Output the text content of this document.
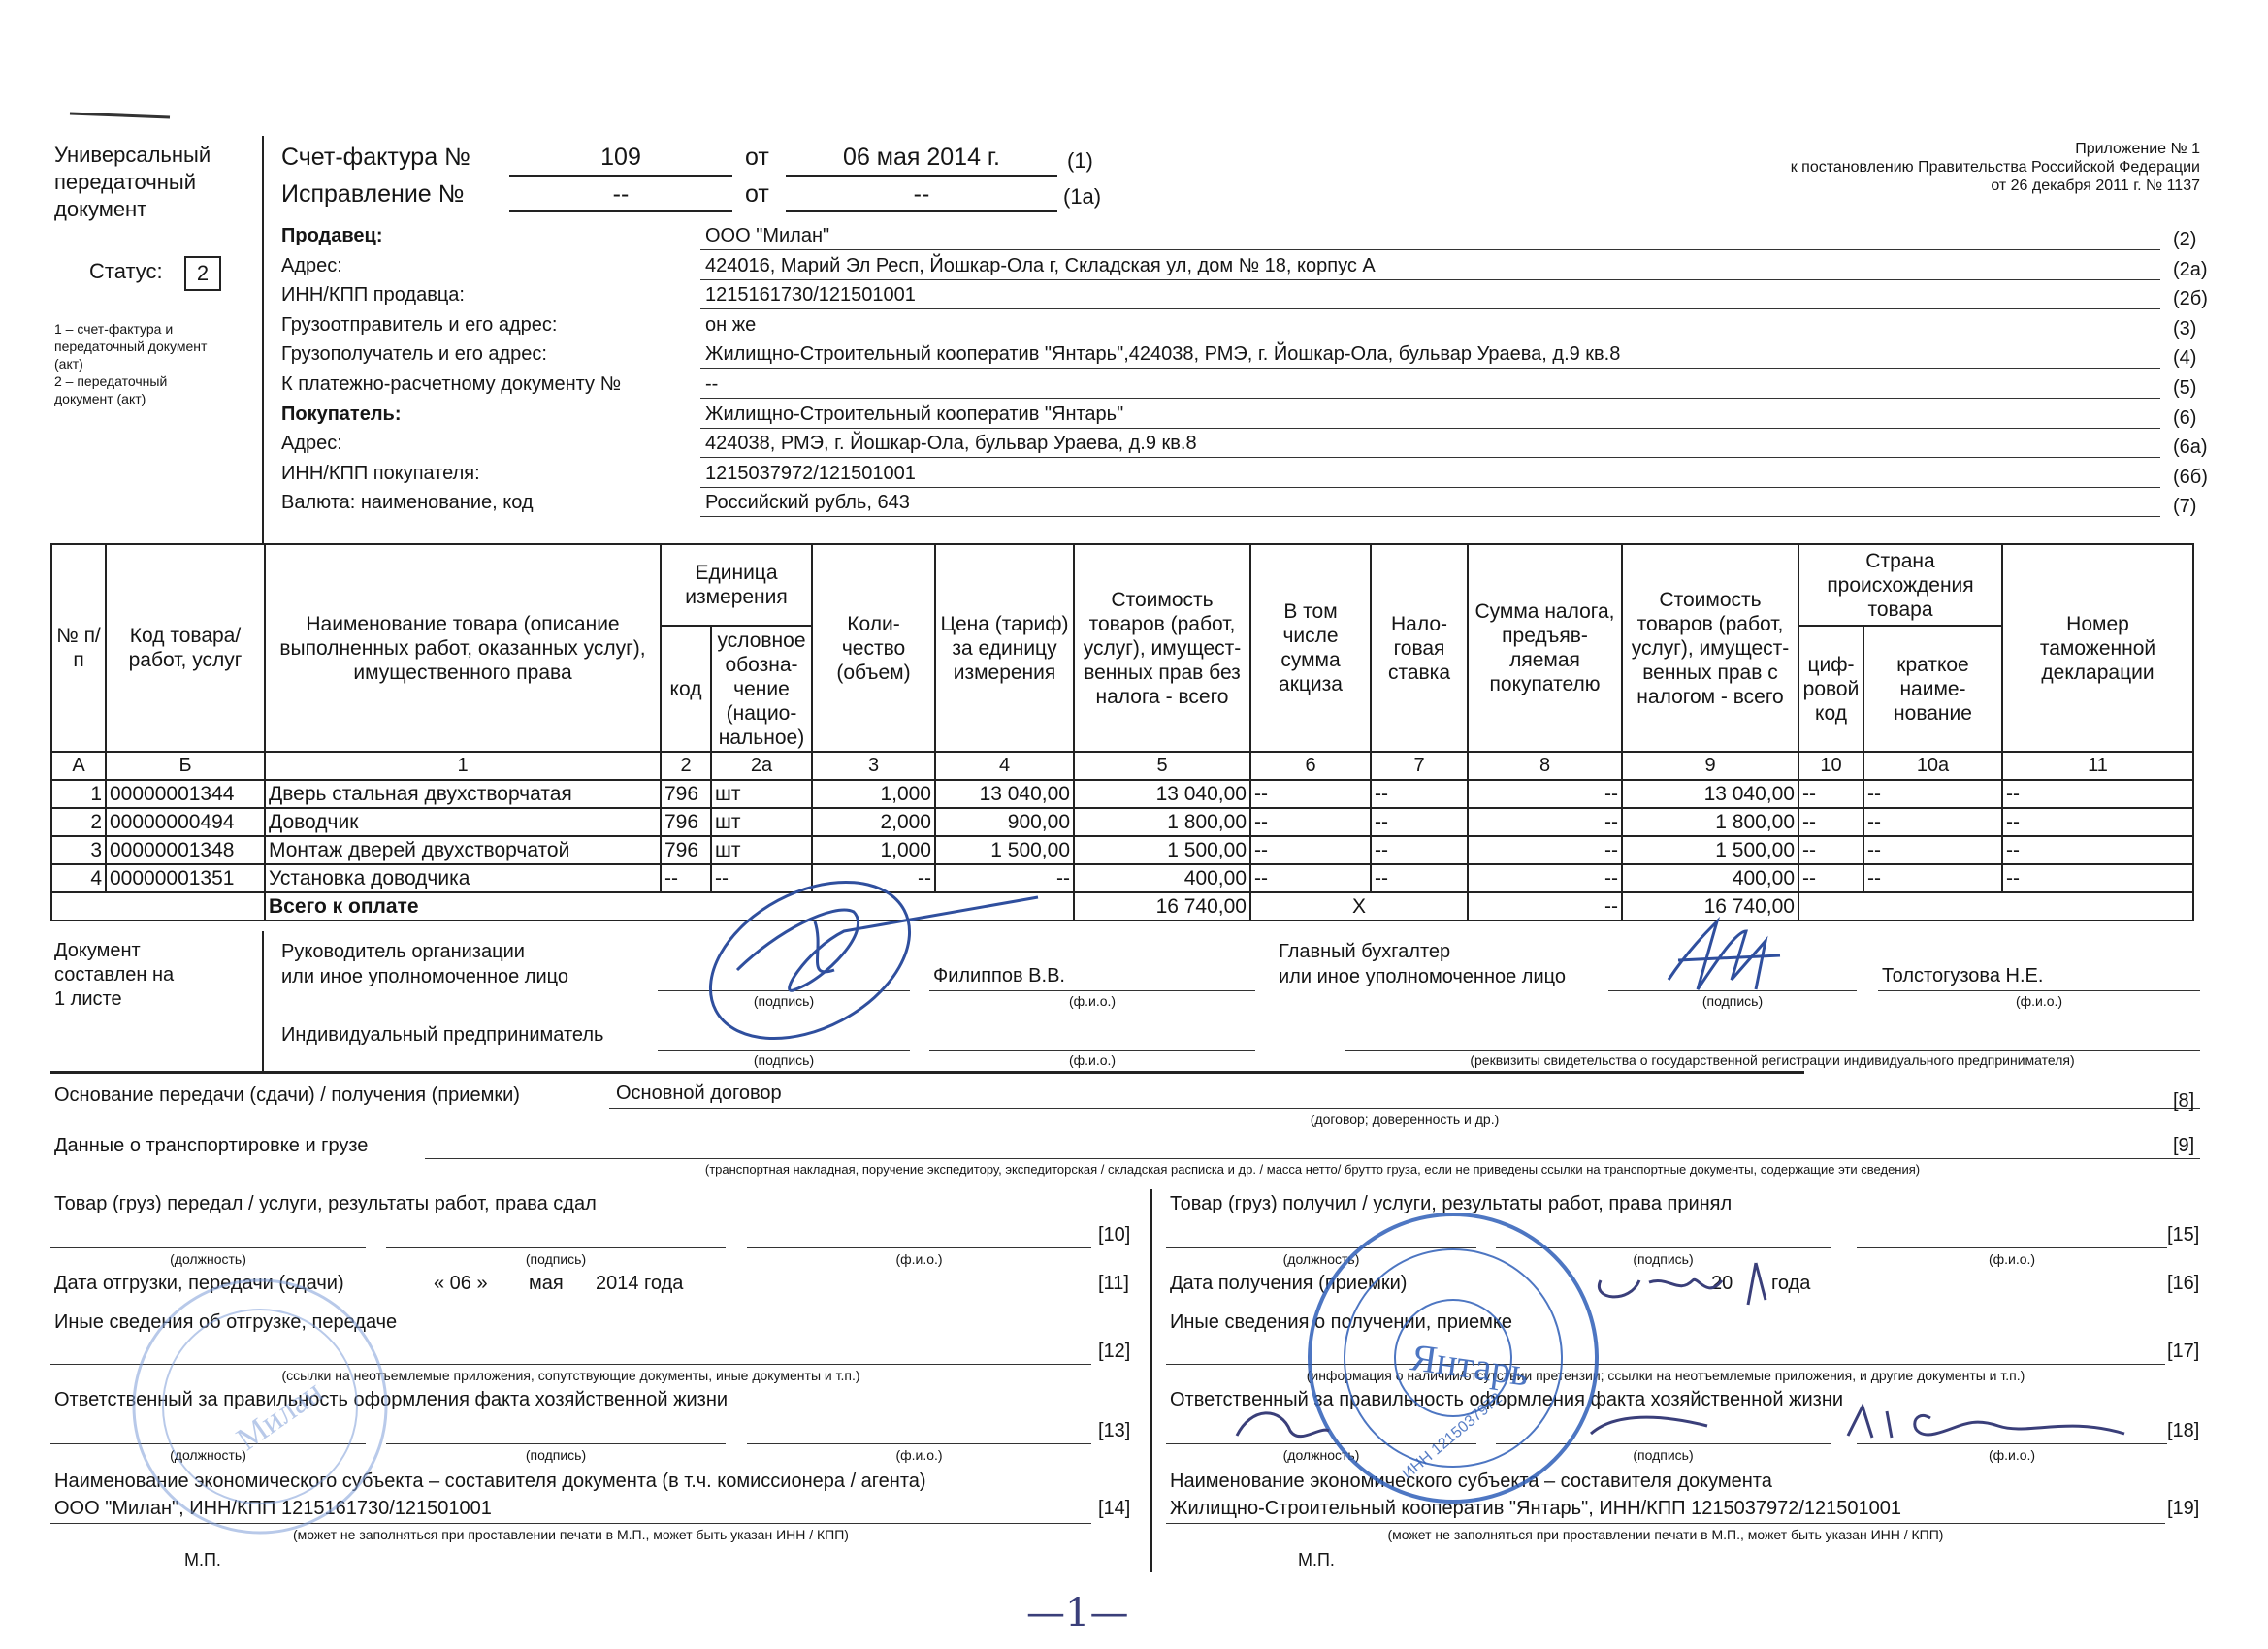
Универсальный
передаточный
документ
Статус:	2
1 – счет-фактура и
передаточный документ
(акт)
2 – передаточный
документ (акт)
Счет-фактура №	109	от	06 мая 2014 г.	(1)
Исправление №	--	от	--	(1а)
Приложение № 1
к постановлению Правительства Российской Федерации
от 26 декабря 2011 г. № 1137
Продавец:	ООО "Милан"	(2)
Адрес:	424016, Марий Эл Респ, Йошкар-Ола г, Складская ул, дом № 18, корпус А	(2а)
ИНН/КПП продавца:	1215161730/121501001	(2б)
Грузоотправитель и его адрес:	он же	(3)
Грузополучатель и его адрес:	Жилищно-Строительный кооператив "Янтарь",424038, РМЭ, г. Йошкар-Ола, бульвар Ураева, д.9 кв.8	(4)
К платежно-расчетному документу №	--	(5)
Покупатель:	Жилищно-Строительный кооператив "Янтарь"	(6)
Адрес:	424038, РМЭ, г. Йошкар-Ола, бульвар Ураева, д.9 кв.8	(6а)
ИНН/КПП покупателя:	1215037972/121501001	(6б)
Валюта: наименование, код	Российский рубль, 643	(7)
№ п/п	Код товара/ работ, услуг	Наименование товара (описание выполненных работ, оказанных услуг), имущественного права	Единица измерения		Коли-чество (объем)	Цена (тариф) за единицу измерения	Стоимость товаров (работ, услуг), имущест-венных прав без налога - всего	В том числе сумма акциза	Нало-говая ставка	Сумма налога, предъяв-ляемая покупателю	Стоимость товаров (работ, услуг), имущест-венных прав с налогом - всего	Страна происхождения товара		Номер таможенной декларации
			код	условное обозна-чение (нацио-нальное)								циф-ровой код	краткое наиме-нование	
А	Б	1	2	2а	3	4	5	6	7	8	9	10	10а	11
1	00000001344	Дверь стальная двухстворчатая	796	шт	1,000	13 040,00	13 040,00	--	--	--	13 040,00	--	--	--
2	00000000494	Доводчик	796	шт	2,000	900,00	1 800,00	--	--	--	1 800,00	--	--	--
3	00000001348	Монтаж дверей двухстворчатой	796	шт	1,000	1 500,00	1 500,00	--	--	--	1 500,00	--	--	--
4	00000001351	Установка доводчика	--	--	--	--	400,00	--	--	--	400,00	--	--	--
		Всего к оплате					16 740,00	X		--	16 740,00			
Документ
составлен на
1 листе
Руководитель организации
или иное уполномоченное лицо
(подпись)
Филиппов В.В.
(ф.и.о.)
Главный бухгалтер
или иное уполномоченное лицо
(подпись)
Толстогузова Н.Е.
(ф.и.о.)
Индивидуальный предприниматель
(подпись)	(ф.и.о.)	(реквизиты свидетельства о государственной регистрации индивидуального предпринимателя)
Основание передачи (сдачи) / получения (приемки)	Основной договор	[8]
(договор; доверенность и др.)
Данные о транспортировке и грузе	[9]
(транспортная накладная, поручение экспедитору, экспедиторская / складская расписка и др. / масса нетто/ брутто груза, если не приведены ссылки на транспортные документы, содержащие эти сведения)
Товар (груз) передал / услуги, результаты работ, права сдал
(должность)	(подпись)	(ф.и.о.)
[10]
Дата отгрузки, передачи (сдачи)	« 06 » мая 2014 года	[11]
Иные сведения об отгрузке, передаче
(ссылки на неотъемлемые приложения, сопутствующие документы, иные документы и т.п.)
[12]
Ответственный за правильность оформления факта хозяйственной жизни
(должность)	(подпись)	(ф.и.о.)
[13]
Наименование экономического субъекта – составителя документа (в т.ч. комиссионера / агента)
ООО "Милан", ИНН/КПП 1215161730/121501001
(может не заполняться при проставлении печати в М.П., может быть указан ИНН / КПП)
[14]
М.П.
Товар (груз) получил / услуги, результаты работ, права принял
(должность)	(подпись)	(ф.и.о.)
[15]
Дата получения (приемки)	20 года	[16]
Иные сведения о получении, приемке
(информация о наличии/отсутствии претензии; ссылки на неотъемлемые приложения, и другие документы и т.п.)
[17]
Ответственный за правильность оформления факта хозяйственной жизни
(должность)	(подпись)	(ф.и.о.)
[18]
Наименование экономического субъекта – составителя документа
Жилищно-Строительный кооператив "Янтарь", ИНН/КПП 1215037972/121501001
(может не заполняться при проставлении печати в М.П., может быть указан ИНН / КПП)
[19]
М.П.
—1—
Янтарь
ИНН 1215037972
Милан
